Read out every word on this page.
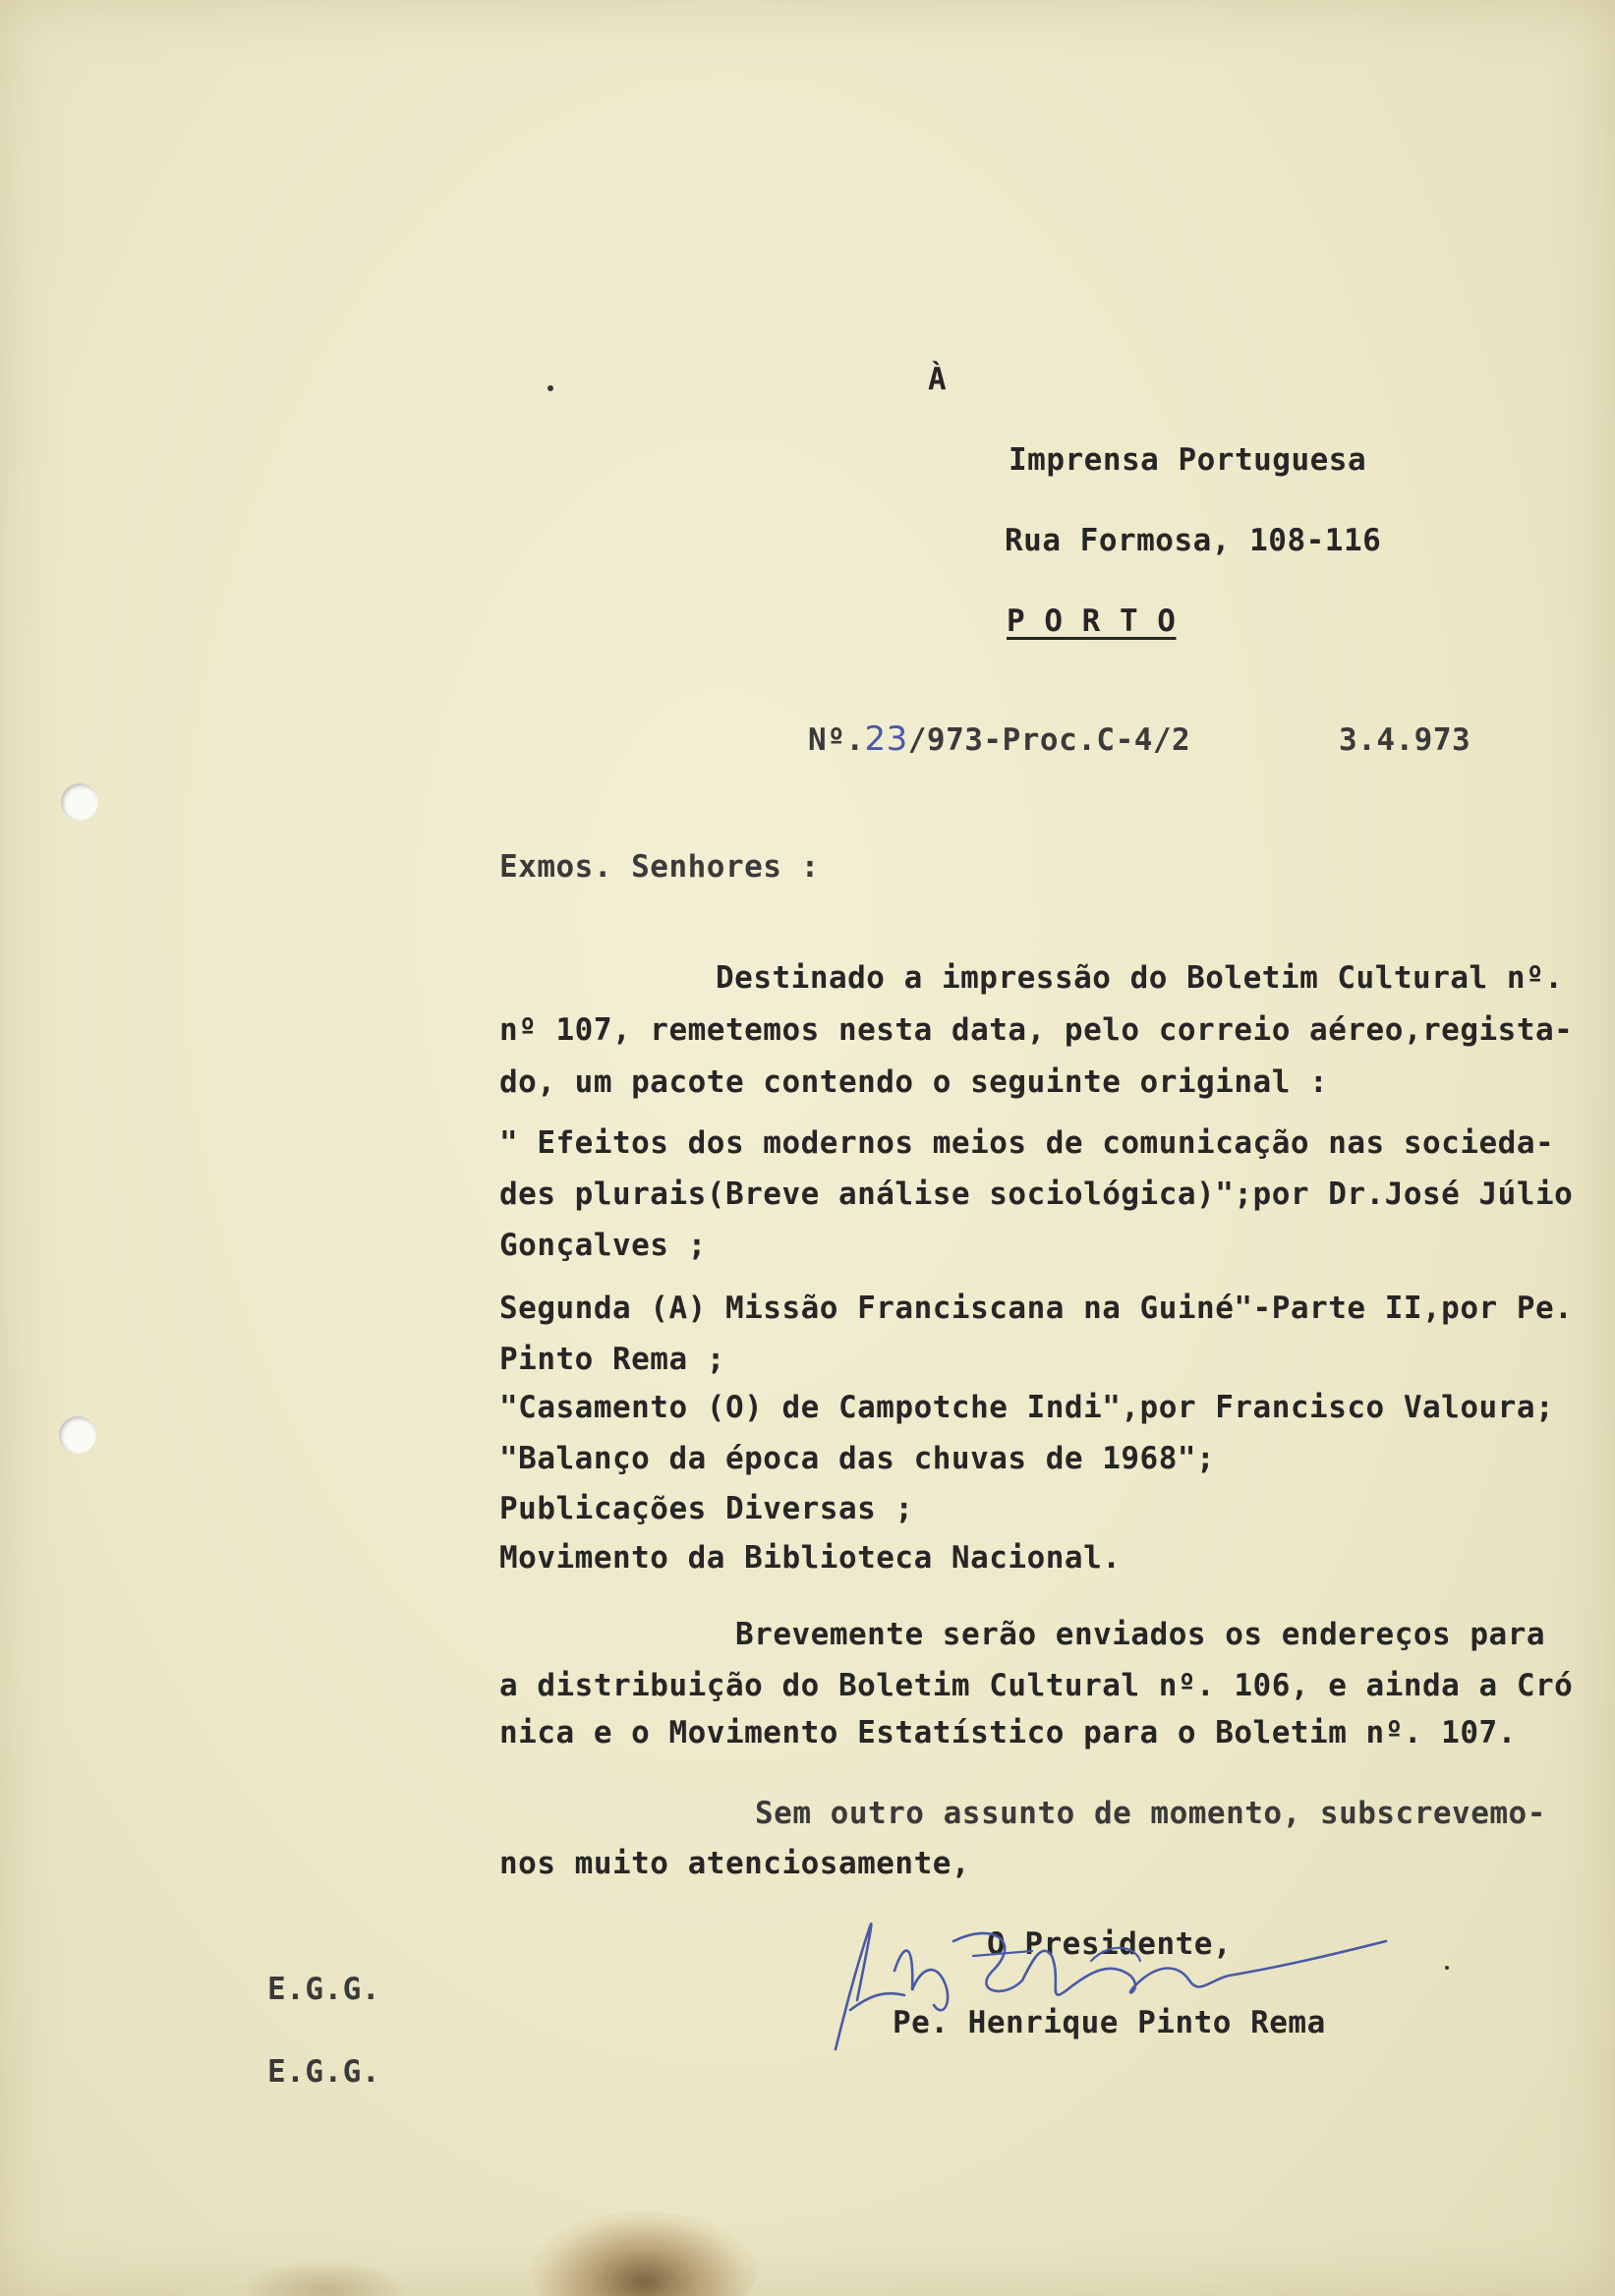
À
Imprensa Portuguesa
Rua Formosa, 108-116
P O R T O
Nº.23/973-Proc.C-4/2	3.4.973
Exmos. Senhores :
Destinado a impressão do Boletim Cultural nº.
nº 107, remetemos nesta data, pelo correio aéreo,regista-
do, um pacote contendo o seguinte original :
" Efeitos dos modernos meios de comunicação nas socieda-
des plurais(Breve análise sociológica)";por Dr.José Júlio
Gonçalves ;
Segunda (A) Missão Franciscana na Guiné"-Parte II,por Pe.
Pinto Rema ;
"Casamento (O) de Campotche Indi",por Francisco Valoura;
"Balanço da época das chuvas de 1968";
Publicações Diversas ;
Movimento da Biblioteca Nacional.
Brevemente serão enviados os endereços para
a distribuição do Boletim Cultural nº. 106, e ainda a Cró
nica e o Movimento Estatístico para o Boletim nº. 107.
Sem outro assunto de momento, subscrevemo-
nos muito atenciosamente,
O Presidente,
Pe. Henrique Pinto Rema
E.G.G.
E.G.G.
